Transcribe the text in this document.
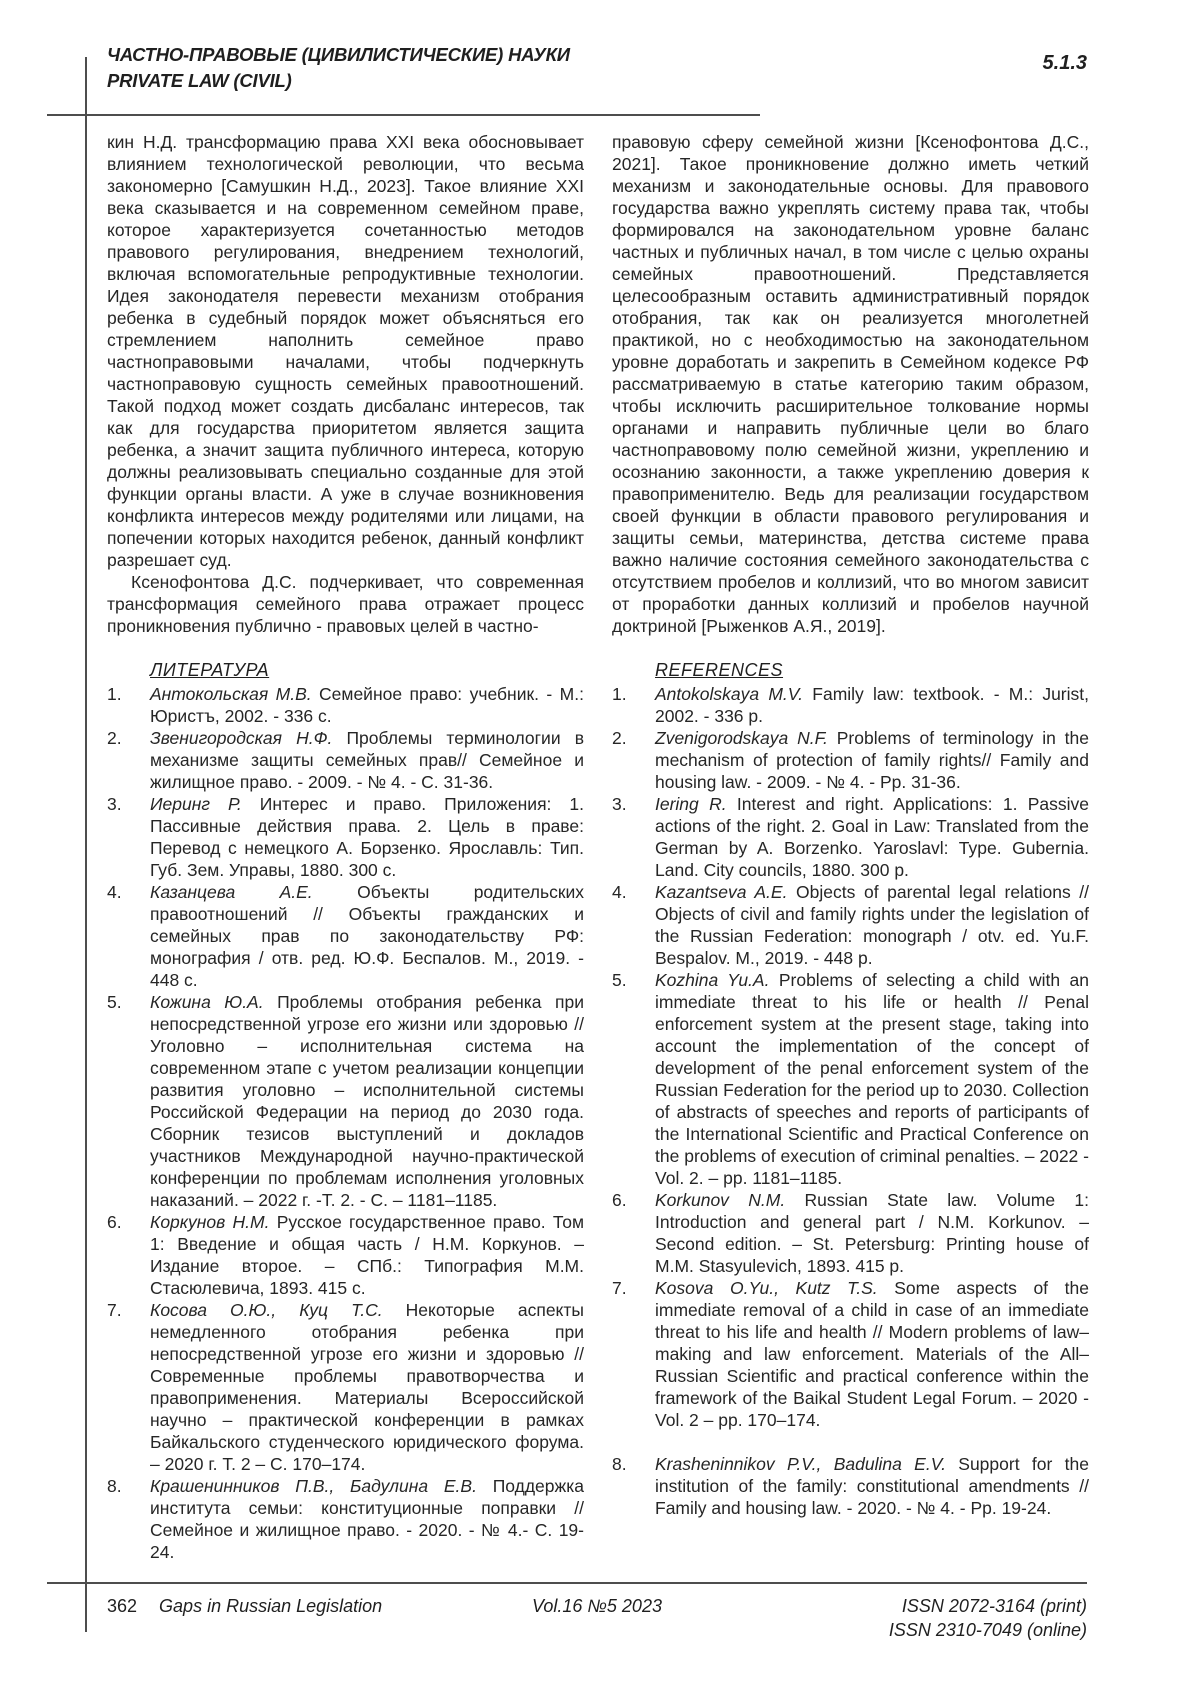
ЧАСТНО-ПРАВОВЫЕ (ЦИВИЛИСТИЧЕСКИЕ) НАУКИ
PRIVATE LAW (CIVIL)
5.1.3

кин Н.Д. трансформацию права XXI века обосновывает влиянием технологической революции, что весьма закономерно [Самушкин Н.Д., 2023]. Такое влияние XXI века сказывается и на современном семейном праве, которое характеризуется сочетанностью методов правового регулирования, внедрением технологий, включая вспомогательные репродуктивные технологии. Идея законодателя перевести механизм отобрания ребенка в судебный порядок может объясняться его стремлением наполнить семейное право частноправовыми началами, чтобы подчеркнуть частноправовую сущность семейных правоотношений. Такой подход может создать дисбаланс интересов, так как для государства приоритетом является защита ребенка, а значит защита публичного интереса, которую должны реализовывать специально созданные для этой функции органы власти. А уже в случае возникновения конфликта интересов между родителями или лицами, на попечении которых находится ребенок, данный конфликт разрешает суд.

Ксенофонтова Д.С. подчеркивает, что современная трансформация семейного права отражает процесс проникновения публично - правовых целей в частно-

ЛИТЕРАТУРА
1.	Антокольская М.В. Семейное право: учебник. - М.: Юристъ, 2002. - 336 с.
2.	Звенигородская Н.Ф. Проблемы терминологии в механизме защиты семейных прав// Семейное и жилищное право. - 2009. - № 4. - С. 31-36.
3.	Иеринг Р. Интерес и право. Приложения: 1. Пассивные действия права. 2. Цель в праве: Перевод с немецкого А. Борзенко. Ярославль: Тип. Губ. Зем. Управы, 1880. 300 с.
4.	Казанцева А.Е. Объекты родительских правоотношений // Объекты гражданских и семейных прав по законодательству РФ: монография / отв. ред. Ю.Ф. Беспалов. М., 2019. - 448 с.
5.	Кожина Ю.А. Проблемы отобрания ребенка при непосредственной угрозе его жизни или здоровью // Уголовно – исполнительная система на современном этапе с учетом реализации концепции развития уголовно – исполнительной системы Российской Федерации на период до 2030 года. Сборник тезисов выступлений и докладов участников Международной научно-практической конференции по проблемам исполнения уголовных наказаний. – 2022 г. -Т. 2. - С. – 1181–1185.
6.	Коркунов Н.М. Русское государственное право. Том 1: Введение и общая часть / Н.М. Коркунов. – Издание второе. – СПб.: Типография М.М. Стасюлевича, 1893. 415 с.
7.	Косова О.Ю., Куц Т.С. Некоторые аспекты немедленного отобрания ребенка при непосредственной угрозе его жизни и здоровью // Современные проблемы правотворчества и правоприменения. Материалы Всероссийской научно – практической конференции в рамках Байкальского студенческого юридического форума. – 2020 г. Т. 2 – С. 170–174.
8.	Крашенинников П.В., Бадулина Е.В. Поддержка института семьи: конституционные поправки // Семейное и жилищное право. - 2020. - № 4.- С. 19-24.

правовую сферу семейной жизни [Ксенофонтова Д.С., 2021]. Такое проникновение должно иметь четкий механизм и законодательные основы. Для правового государства важно укреплять систему права так, чтобы формировался на законодательном уровне баланс частных и публичных начал, в том числе с целью охраны семейных правоотношений. Представляется целесообразным оставить административный порядок отобрания, так как он реализуется многолетней практикой, но с необходимостью на законодательном уровне доработать и закрепить в Семейном кодексе РФ рассматриваемую в статье категорию таким образом, чтобы исключить расширительное толкование нормы органами и направить публичные цели во благо частноправовому полю семейной жизни, укреплению и осознанию законности, а также укреплению доверия к правоприменителю. Ведь для реализации государством своей функции в области правового регулирования и защиты семьи, материнства, детства системе права важно наличие состояния семейного законодательства с отсутствием пробелов и коллизий, что во многом зависит от проработки данных коллизий и пробелов научной доктриной [Рыженков А.Я., 2019].

REFERENCES
1.	Antokolskaya M.V. Family law: textbook. - M.: Jurist, 2002. - 336 p.
2.	Zvenigorodskaya N.F. Problems of terminology in the mechanism of protection of family rights// Family and housing law. - 2009. - № 4. - Pp. 31-36.
3.	Iering R. Interest and right. Applications: 1. Passive actions of the right. 2. Goal in Law: Translated from the German by A. Borzenko. Yaroslavl: Type. Gubernia. Land. City councils, 1880. 300 p.
4.	Kazantseva A.E. Objects of parental legal relations // Objects of civil and family rights under the legislation of the Russian Federation: monograph / otv. ed. Yu.F. Bespalov. M., 2019. - 448 p.
5.	Kozhina Yu.A. Problems of selecting a child with an immediate threat to his life or health // Penal enforcement system at the present stage, taking into account the implementation of the concept of development of the penal enforcement system of the Russian Federation for the period up to 2030. Collection of abstracts of speeches and reports of participants of the International Scientific and Practical Conference on the problems of execution of criminal penalties. – 2022 - Vol. 2. – pp. 1181–1185.
6.	Korkunov N.M. Russian State law. Volume 1: Introduction and general part / N.M. Korkunov. – Second edition. – St. Petersburg: Printing house of M.M. Stasyulevich, 1893. 415 p.
7.	Kosova O.Yu., Kutz T.S. Some aspects of the immediate removal of a child in case of an immediate threat to his life and health // Modern problems of law–making and law enforcement. Materials of the All–Russian Scientific and practical conference within the framework of the Baikal Student Legal Forum. – 2020 - Vol. 2 – pp. 170–174.
8.	Krasheninnikov P.V., Badulina E.V. Support for the institution of the family: constitutional amendments // Family and housing law. - 2020. - № 4. - Pp. 19-24.
362 Gaps in Russian Legislation	Vol.16 №5 2023	ISSN 2072-3164 (print)
ISSN 2310-7049 (online)
